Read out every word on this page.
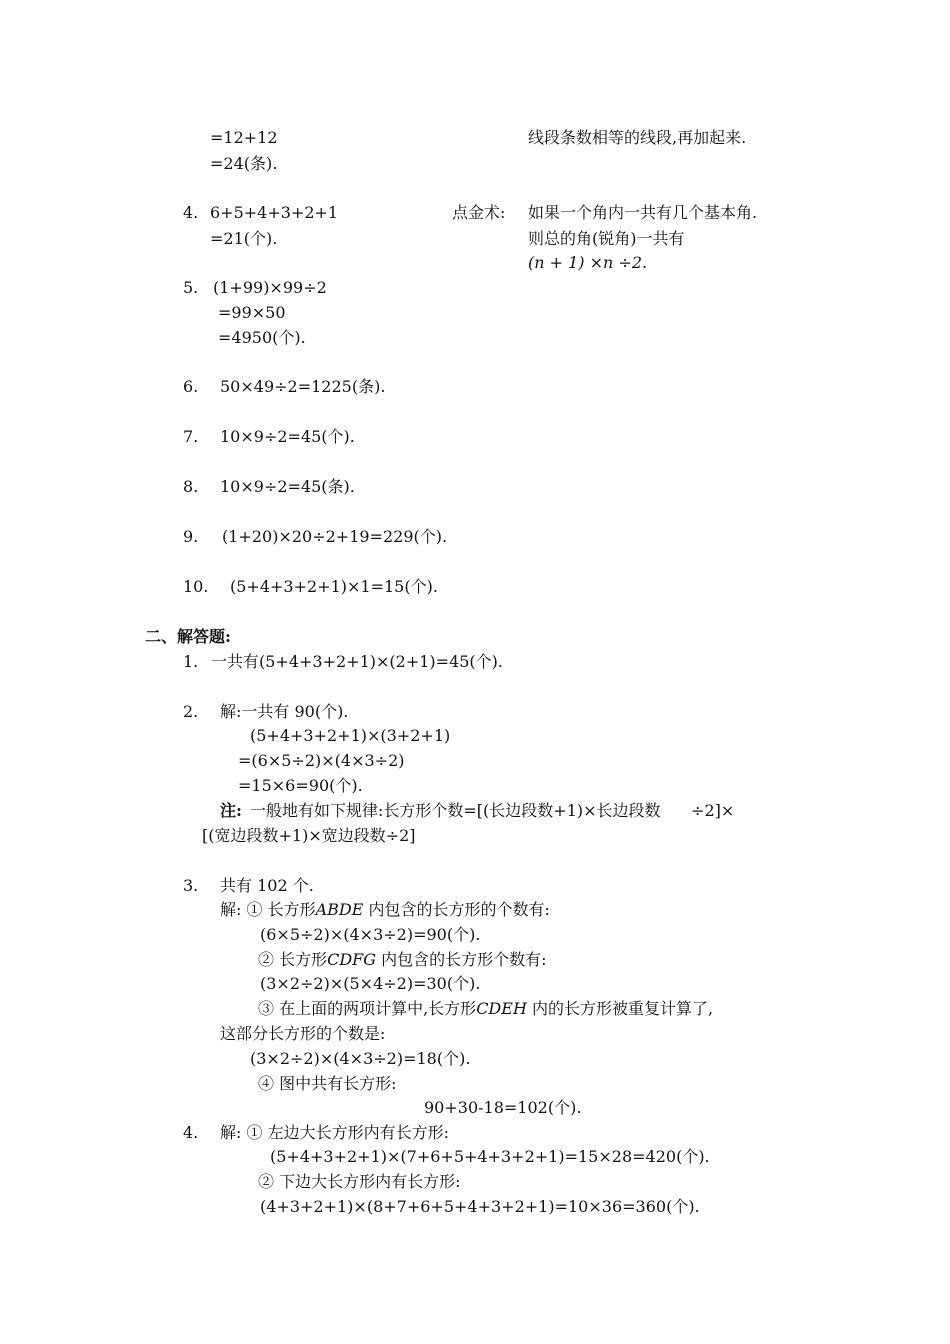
=12+12
=24(条).
线段条数相等的线段,再加起来.
4. 6+5+4+3+2+1
=21(个).
点金术: 如果一个角内一共有几个基本角.
则总的角(锐角)一共有
(n + 1) ×n ÷2.
5. (1+99)×99÷2
=99×50
=4950(个).
6. 50×49÷2=1225(条).
7. 10×9÷2=45(个).
8. 10×9÷2=45(条).
9. (1+20)×20÷2+19=229(个).
10. (5+4+3+2+1)×1=15(个).
二、解答题:
1. 一共有(5+4+3+2+1)×(2+1)=45(个).
2. 解:一共有 90(个).
(5+4+3+2+1)×(3+2+1)
=(6×5÷2)×(4×3÷2)
=15×6=90(个).
注: 一般地有如下规律:长方形个数=[(长边段数+1)×长边段数      ÷2]×
[(宽边段数+1)×宽边段数÷2]
3. 共有 102 个.
解: ① 长方形ABDE 内包含的长方形的个数有:
(6×5÷2)×(4×3÷2)=90(个).
② 长方形CDFG 内包含的长方形个数有:
(3×2÷2)×(5×4÷2)=30(个).
③ 在上面的两项计算中,长方形CDEH 内的长方形被重复计算了,
这部分长方形的个数是:
(3×2÷2)×(4×3÷2)=18(个).
④ 图中共有长方形:
90+30-18=102(个).
4. 解: ① 左边大长方形内有长方形:
(5+4+3+2+1)×(7+6+5+4+3+2+1)=15×28=420(个).
② 下边大长方形内有长方形:
(4+3+2+1)×(8+7+6+5+4+3+2+1)=10×36=360(个).
